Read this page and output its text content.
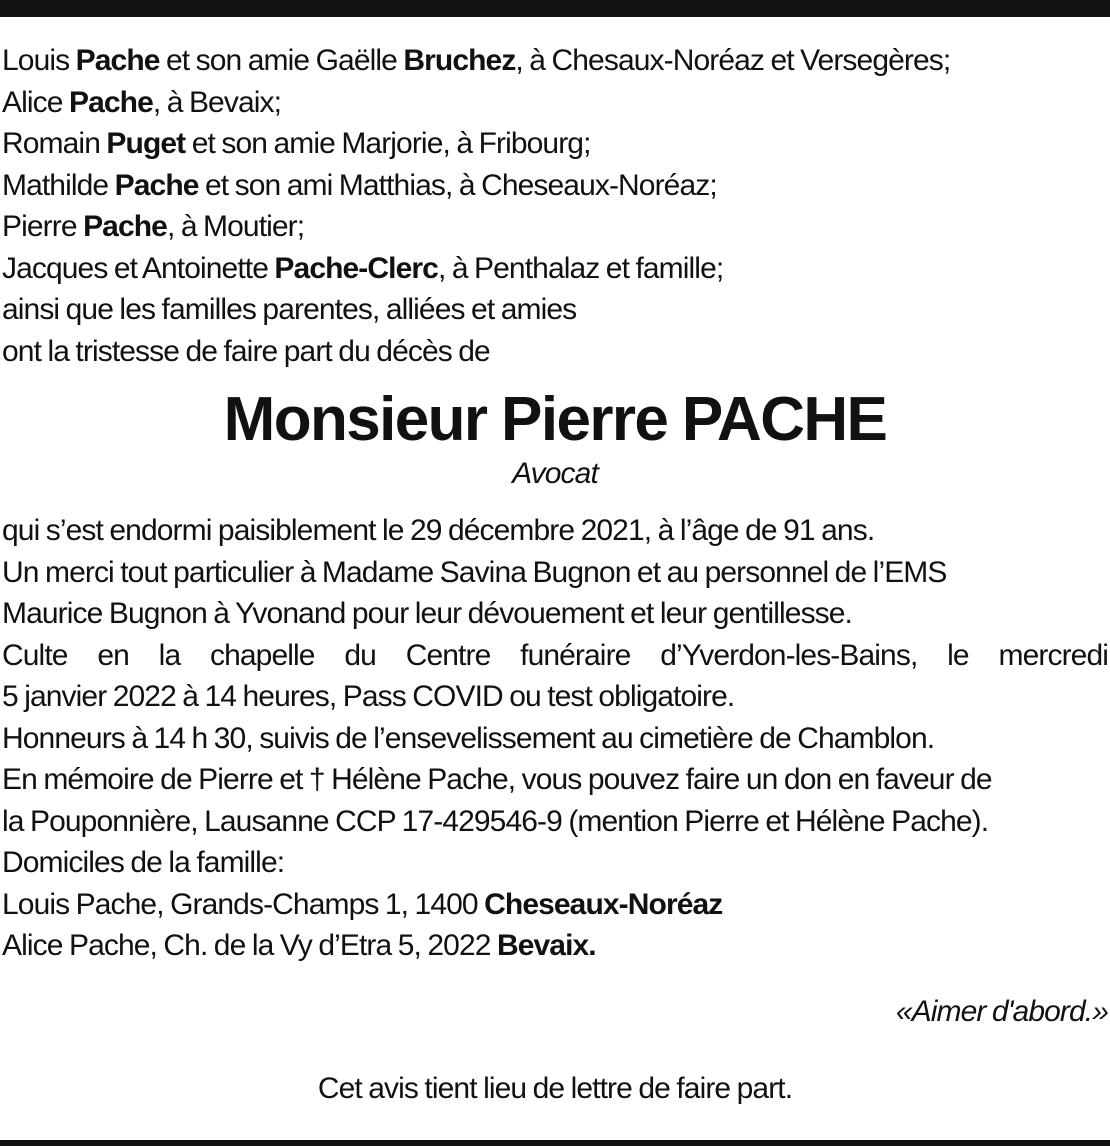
Louis Pache et son amie Gaëlle Bruchez, à Chesaux-Noréaz et Versegères;
Alice Pache, à Bevaix;
Romain Puget et son amie Marjorie, à Fribourg;
Mathilde Pache et son ami Matthias, à Cheseaux-Noréaz;
Pierre Pache, à Moutier;
Jacques et Antoinette Pache-Clerc, à Penthalaz et famille;
ainsi que les familles parentes, alliées et amies
ont la tristesse de faire part du décès de
Monsieur Pierre PACHE
Avocat
qui s’est endormi paisiblement le 29 décembre 2021, à l’âge de 91 ans.
Un merci tout particulier à Madame Savina Bugnon et au personnel de l’EMS
Maurice Bugnon à Yvonand pour leur dévouement et leur gentillesse.
Culte en la chapelle du Centre funéraire d’Yverdon-les-Bains, le mercredi
5 janvier 2022 à 14 heures, Pass COVID ou test obligatoire.
Honneurs à 14 h 30, suivis de l’ensevelissement au cimetière de Chamblon.
En mémoire de Pierre et † Hélène Pache, vous pouvez faire un don en faveur de
la Pouponnière, Lausanne CCP 17-429546-9 (mention Pierre et Hélène Pache).
Domiciles de la famille:
Louis Pache, Grands-Champs 1, 1400 Cheseaux-Noréaz
Alice Pache, Ch. de la Vy d’Etra 5, 2022 Bevaix.
«Aimer d'abord.»
Cet avis tient lieu de lettre de faire part.
